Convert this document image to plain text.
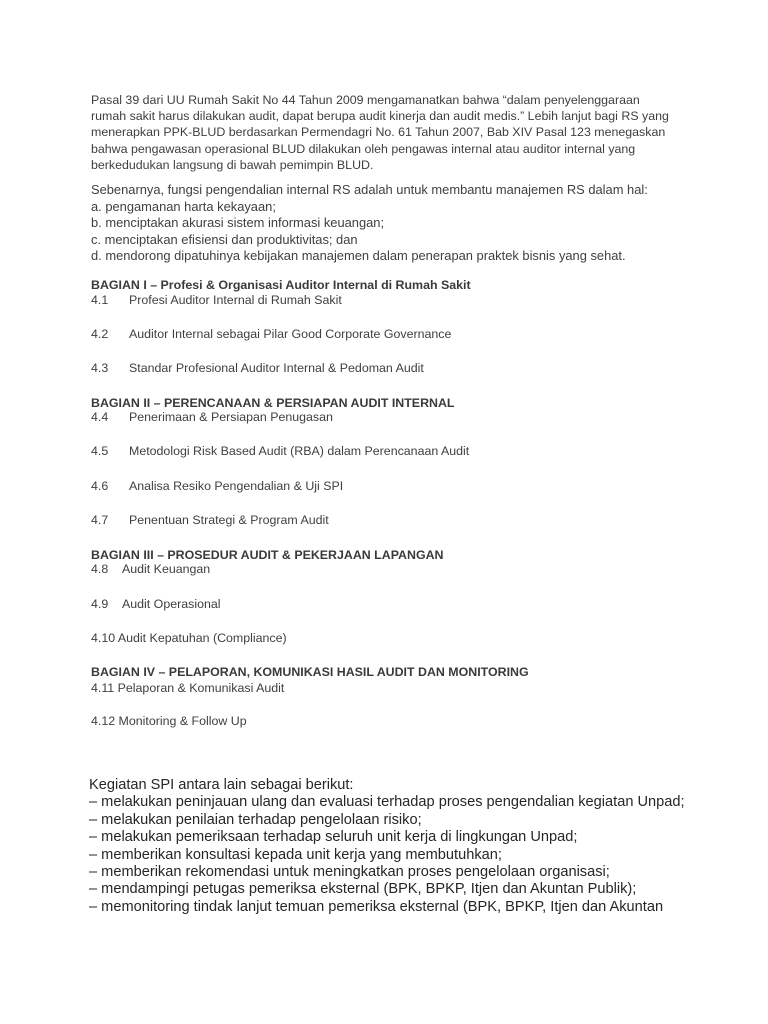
Pasal 39 dari UU Rumah Sakit No 44 Tahun 2009 mengamanatkan bahwa “dalam penyelenggaraan
rumah sakit harus dilakukan audit, dapat berupa audit kinerja dan audit medis.” Lebih lanjut bagi RS yang
menerapkan PPK-BLUD berdasarkan Permendagri No. 61 Tahun 2007, Bab XIV Pasal 123 menegaskan
bahwa pengawasan operasional BLUD dilakukan oleh pengawas internal atau auditor internal yang
berkedudukan langsung di bawah pemimpin BLUD.
Sebenarnya, fungsi pengendalian internal RS adalah untuk membantu manajemen RS dalam hal:
a. pengamanan harta kekayaan;
b. menciptakan akurasi sistem informasi keuangan;
c. menciptakan efisiensi dan produktivitas; dan
d. mendorong dipatuhinya kebijakan manajemen dalam penerapan praktek bisnis yang sehat.
BAGIAN I – Profesi & Organisasi Auditor Internal di Rumah Sakit
4.1 Profesi Auditor Internal di Rumah Sakit
4.2 Auditor Internal sebagai Pilar Good Corporate Governance
4.3 Standar Profesional Auditor Internal & Pedoman Audit
BAGIAN II – PERENCANAAN & PERSIAPAN AUDIT INTERNAL
4.4 Penerimaan & Persiapan Penugasan
4.5 Metodologi Risk Based Audit (RBA) dalam Perencanaan Audit
4.6 Analisa Resiko Pengendalian & Uji SPI
4.7 Penentuan Strategi & Program Audit
BAGIAN III – PROSEDUR AUDIT & PEKERJAAN LAPANGAN
4.8 Audit Keuangan
4.9 Audit Operasional
4.10 Audit Kepatuhan (Compliance)
BAGIAN IV – PELAPORAN, KOMUNIKASI HASIL AUDIT DAN MONITORING
4.11 Pelaporan & Komunikasi Audit
4.12 Monitoring & Follow Up
Kegiatan SPI antara lain sebagai berikut:
– melakukan peninjauan ulang dan evaluasi terhadap proses pengendalian kegiatan Unpad;
– melakukan penilaian terhadap pengelolaan risiko;
– melakukan pemeriksaan terhadap seluruh unit kerja di lingkungan Unpad;
– memberikan konsultasi kepada unit kerja yang membutuhkan;
– memberikan rekomendasi untuk meningkatkan proses pengelolaan organisasi;
– mendampingi petugas pemeriksa eksternal (BPK, BPKP, Itjen dan Akuntan Publik);
– memonitoring tindak lanjut temuan pemeriksa eksternal (BPK, BPKP, Itjen dan Akuntan
